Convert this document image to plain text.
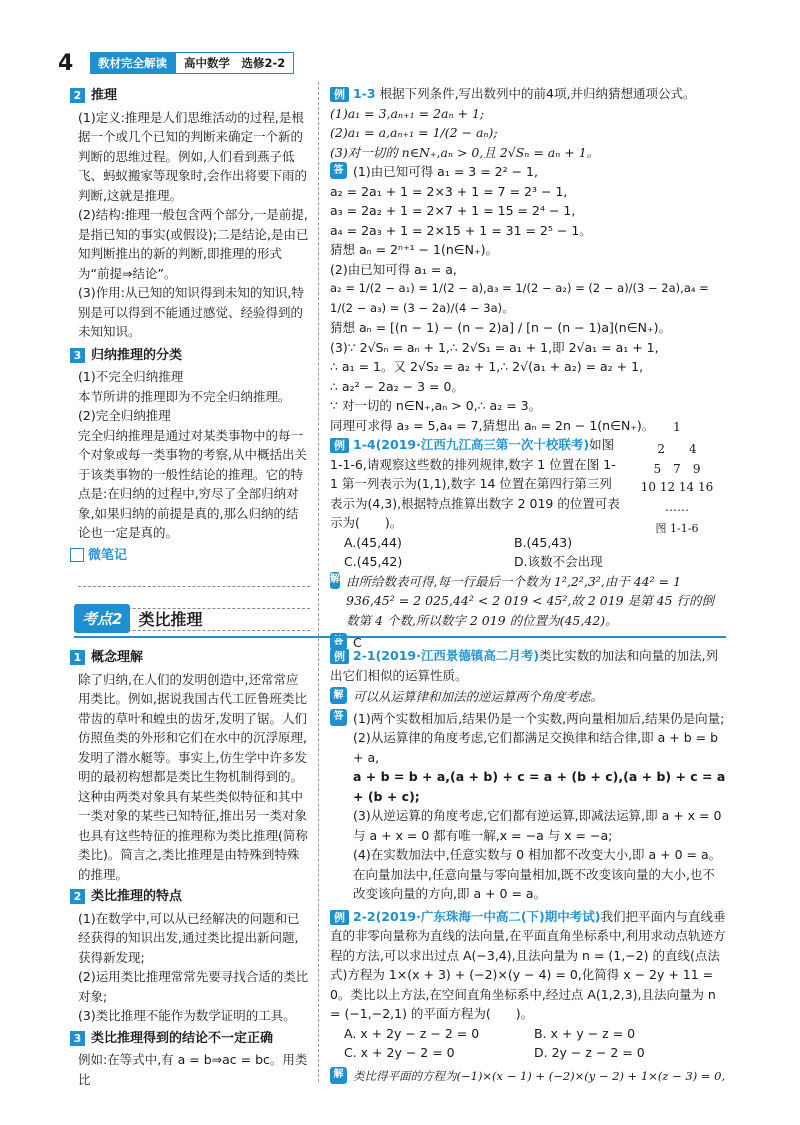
4	教材完全解读	高中数学　选修2-2
2 推理
(1)定义:推理是人们思维活动的过程,是根据一个或几个已知的判断来确定一个新的判断的思维过程。例如,人们看到燕子低飞、蚂蚁搬家等现象时,会作出将要下雨的判断,这就是推理。
(2)结构:推理一般包含两个部分,一是前提,是指已知的事实(或假设);二是结论,是由已知判断推出的新的判断,即推理的形式为“前提⇒结论”。
(3)作用:从已知的知识得到未知的知识,特别是可以得到不能通过感觉、经验得到的未知知识。
3 归纳推理的分类
(1)不完全归纳推理
本节所讲的推理即为不完全归纳推理。
(2)完全归纳推理
完全归纳推理是通过对某类事物中的每一个对象或每一类事物的考察,从中概括出关于该类事物的一般性结论的推理。它的特点是:在归纳的过程中,穷尽了全部归纳对象,如果归纳的前提是真的,那么归纳的结论也一定是真的。
微笔记
例 1-3 根据下列条件,写出数列中的前4项,并归纳猜想通项公式。
(1)a₁ = 3,aₙ₊₁ = 2aₙ + 1;
(2)a₁ = a,aₙ₊₁ = 1/(2 − aₙ);
(3)对一切的 n∈N₊,aₙ > 0,且 2√Sₙ = aₙ + 1。
答 (1)由已知可得 a₁ = 3 = 2² − 1,
a₂ = 2a₁ + 1 = 2×3 + 1 = 7 = 2³ − 1,
a₃ = 2a₂ + 1 = 2×7 + 1 = 15 = 2⁴ − 1,
a₄ = 2a₃ + 1 = 2×15 + 1 = 31 = 2⁵ − 1。
猜想 aₙ = 2ⁿ⁺¹ − 1(n∈N₊)。
(2)由已知可得 a₁ = a,
a₂ = 1/(2 − a₁) = 1/(2 − a),a₃ = 1/(2 − a₂) = (2 − a)/(3 − 2a),a₄ = 1/(2 − a₃) = (3 − 2a)/(4 − 3a)。
猜想 aₙ = [(n − 1) − (n − 2)a] / [n − (n − 1)a](n∈N₊)。
(3)∵ 2√Sₙ = aₙ + 1,∴ 2√S₁ = a₁ + 1,即 2√a₁ = a₁ + 1,
∴ a₁ = 1。又 2√S₂ = a₂ + 1,∴ 2√(a₁ + a₂) = a₂ + 1,
∴ a₂² − 2a₂ − 3 = 0。
∵ 对一切的 n∈N₊,aₙ > 0,∴ a₂ = 3。
同理可求得 a₃ = 5,a₄ = 7,猜想出 aₙ = 2n − 1(n∈N₊)。
例 1-4(2019·江西九江高三第一次十校联考)如图 1-1-6,请观察这些数的排列规律,数字 1 位置在图 1-1 第一列表示为(1,1),数字 14 位置在第四行第三列表示为(4,3),根据特点推算出数字 2 019 的位置可表示为(　　)。
A.(45,44)	B.(45,43)
C.(45,42)	D.该数不会出现
解 由所给数表可得,每一行最后一个数为 1²,2²,3²,由于 44² = 1 936,45² = 2 025,44² < 2 019 < 45²,故 2 019 是第 45 行的倒数第 4 个数,所以数字 2 019 的位置为(45,42)。
答 C
1
2　　4
5　7　9
10 12 14 16
……
图 1-1-6
考点2	类比推理
1 概念理解
除了归纳,在人们的发明创造中,还常常应用类比。例如,据说我国古代工匠鲁班类比带齿的草叶和蝗虫的齿牙,发明了锯。人们仿照鱼类的外形和它们在水中的沉浮原理,发明了潜水艇等。事实上,仿生学中许多发明的最初构想都是类比生物机制得到的。
这种由两类对象具有某些类似特征和其中一类对象的某些已知特征,推出另一类对象也具有这些特征的推理称为类比推理(简称类比)。简言之,类比推理是由特殊到特殊的推理。
2 类比推理的特点
(1)在数学中,可以从已经解决的问题和已经获得的知识出发,通过类比提出新问题,获得新发现;
(2)运用类比推理常常先要寻找合适的类比对象;
(3)类比推理不能作为数学证明的工具。
3 类比推理得到的结论不一定正确
例如:在等式中,有 a = b⇒ac = bc。用类比
例 2-1(2019·江西景德镇高二月考)类比实数的加法和向量的加法,列出它们相似的运算性质。
解 可以从运算律和加法的逆运算两个角度考虑。
答 (1)两个实数相加后,结果仍是一个实数,两向量相加后,结果仍是向量;
(2)从运算律的角度考虑,它们都满足交换律和结合律,即 a + b = b + a,
a + b = b + a,(a + b) + c = a + (b + c),(a + b) + c = a + (b + c);
(3)从逆运算的角度考虑,它们都有逆运算,即减法运算,即 a + x = 0 与 a + x = 0 都有唯一解,x = −a 与 x = −a;
(4)在实数加法中,任意实数与 0 相加都不改变大小,即 a + 0 = a。在向量加法中,任意向量与零向量相加,既不改变该向量的大小,也不改变该向量的方向,即 a + 0 = a。
例 2-2(2019·广东珠海一中高二(下)期中考试)我们把平面内与直线垂直的非零向量称为直线的法向量,在平面直角坐标系中,利用求动点轨迹方程的方法,可以求出过点 A(−3,4),且法向量为 n = (1,−2) 的直线(点法式)方程为 1×(x + 3) + (−2)×(y − 4) = 0,化简得 x − 2y + 11 = 0。类比以上方法,在空间直角坐标系中,经过点 A(1,2,3),且法向量为 n = (−1,−2,1) 的平面方程为(　　)。
A. x + 2y − z − 2 = 0	B. x + y − z = 0
C. x + 2y − 2 = 0	D. 2y − z − 2 = 0
解 类比得平面的方程为(−1)×(x − 1) + (−2)×(y − 2) + 1×(z − 3) = 0,
